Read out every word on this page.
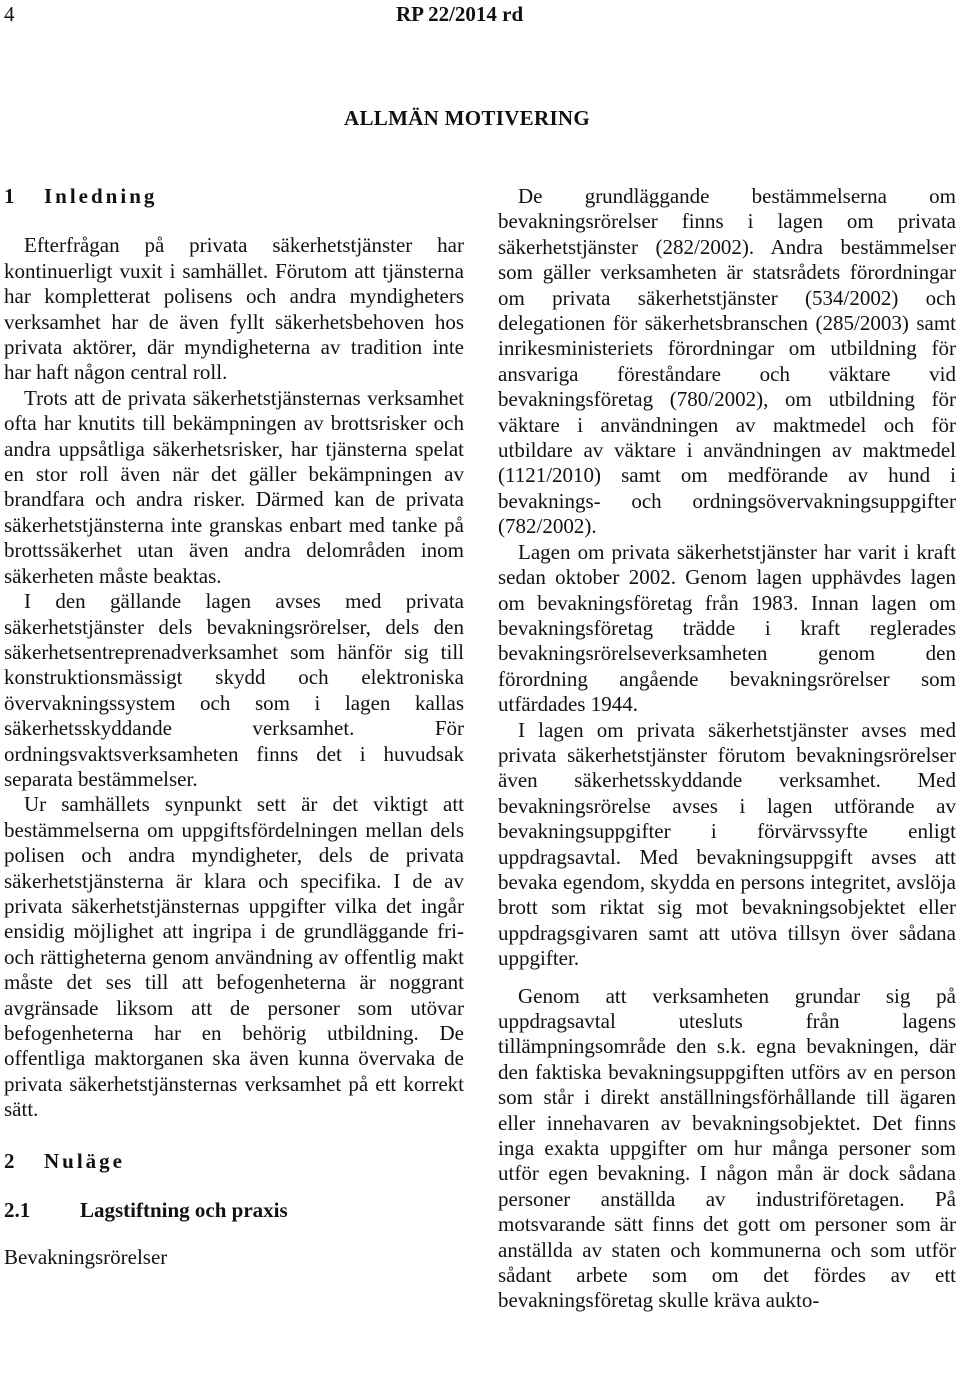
4	RP 22/2014 rd
ALLMÄN MOTIVERING
1	Inledning

Efterfrågan på privata säkerhetstjänster har kontinuerligt vuxit i samhället. Förutom att tjänsterna har kompletterat polisens och andra myndigheters verksamhet har de även fyllt säkerhetsbehoven hos privata aktörer, där myndigheterna av tradition inte har haft någon central roll.

Trots att de privata säkerhetstjänsternas verksamhet ofta har knutits till bekämpningen av brottsrisker och andra uppsåtliga säkerhetsrisker, har tjänsterna spelat en stor roll även när det gäller bekämpningen av brandfara och andra risker. Därmed kan de privata säkerhetstjänsterna inte granskas enbart med tanke på brottssäkerhet utan även andra delområden inom säkerheten måste beaktas.

I den gällande lagen avses med privata säkerhetstjänster dels bevakningsrörelser, dels den säkerhetsentreprenadverksamhet som hänför sig till konstruktionsmässigt skydd och elektroniska övervakningssystem och som i lagen kallas säkerhetsskyddande verksamhet. För ordningsvaktsverksamheten finns det i huvudsak separata bestämmelser.

Ur samhällets synpunkt sett är det viktigt att bestämmelserna om uppgiftsfördelningen mellan dels polisen och andra myndigheter, dels de privata säkerhetstjänsterna är klara och specifika. I de av privata säkerhetstjänsternas uppgifter vilka det ingår ensidig möjlighet att ingripa i de grundläggande fri- och rättigheterna genom användning av offentlig makt måste det ses till att befogenheterna är noggrant avgränsade liksom att de personer som utövar befogenheterna har en behörig utbildning. De offentliga maktorganen ska även kunna övervaka de privata säkerhetstjänsternas verksamhet på ett korrekt sätt.

2	Nuläge
2.1	Lagstiftning och praxis
Bevakningsrörelser

De grundläggande bestämmelserna om bevakningsrörelser finns i lagen om privata säkerhetstjänster (282/2002). Andra bestämmelser som gäller verksamheten är statsrådets förordningar om privata säkerhetstjänster (534/2002) och delegationen för säkerhetsbranschen (285/2003) samt inrikesministeriets förordningar om utbildning för ansvariga föreståndare och väktare vid bevakningsföretag (780/2002), om utbildning för väktare i användningen av maktmedel och för utbildare av väktare i användningen av maktmedel (1121/2010) samt om medförande av hund i bevaknings- och ordningsövervakningsuppgifter (782/2002).

Lagen om privata säkerhetstjänster har varit i kraft sedan oktober 2002. Genom lagen upphävdes lagen om bevakningsföretag från 1983. Innan lagen om bevakningsföretag trädde i kraft reglerades bevakningsrörelseverksamheten genom den förordning angående bevakningsrörelser som utfärdades 1944.

I lagen om privata säkerhetstjänster avses med privata säkerhetstjänster förutom bevakningsrörelser även säkerhetsskyddande verksamhet. Med bevakningsrörelse avses i lagen utförande av bevakningsuppgifter i förvärvssyfte enligt uppdragsavtal. Med bevakningsuppgift avses att bevaka egendom, skydda en persons integritet, avslöja brott som riktat sig mot bevakningsobjektet eller uppdragsgivaren samt att utöva tillsyn över sådana uppgifter.

Genom att verksamheten grundar sig på uppdragsavtal utesluts från lagens tillämpningsområde den s.k. egna bevakningen, där den faktiska bevakningsuppgiften utförs av en person som står i direkt anställningsförhållande till ägaren eller innehavaren av bevakningsobjektet. Det finns inga exakta uppgifter om hur många personer som utför egen bevakning. I någon mån är dock sådana personer anställda av industriföretagen. På motsvarande sätt finns det gott om personer som är anställda av staten och kommunerna och som utför sådant arbete som om det fördes av ett bevakningsföretag skulle kräva aukto-
